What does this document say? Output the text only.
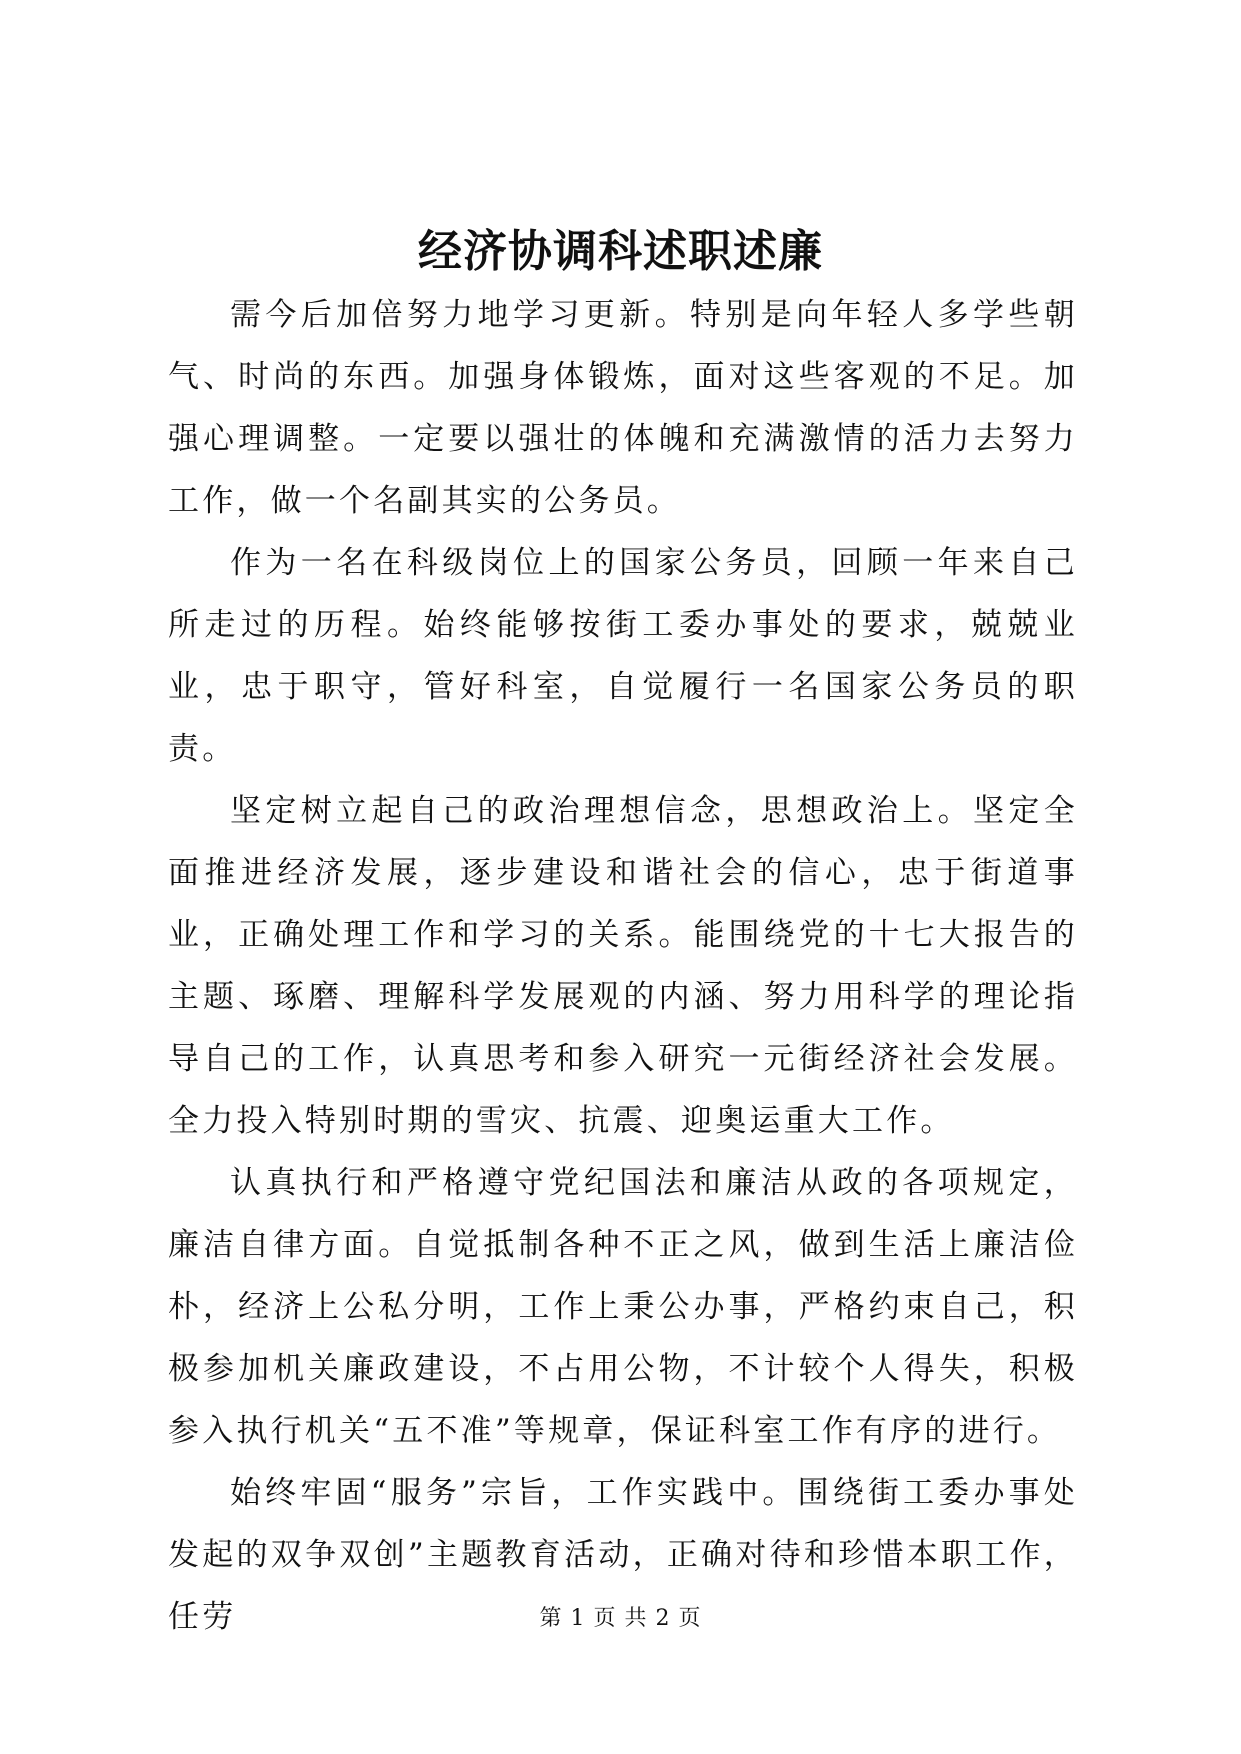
经济协调科述职述廉

需今后加倍努力地学习更新。特别是向年轻人多学些朝气、时尚的东西。加强身体锻炼，面对这些客观的不足。加强心理调整。一定要以强壮的体魄和充满激情的活力去努力工作，做一个名副其实的公务员。

作为一名在科级岗位上的国家公务员，回顾一年来自己所走过的历程。始终能够按街工委办事处的要求，兢兢业业，忠于职守，管好科室，自觉履行一名国家公务员的职责。

坚定树立起自己的政治理想信念，思想政治上。坚定全面推进经济发展，逐步建设和谐社会的信心，忠于街道事业，正确处理工作和学习的关系。能围绕党的十七大报告的主题、琢磨、理解科学发展观的内涵、努力用科学的理论指导自己的工作，认真思考和参入研究一元街经济社会发展。全力投入特别时期的雪灾、抗震、迎奥运重大工作。

认真执行和严格遵守党纪国法和廉洁从政的各项规定，廉洁自律方面。自觉抵制各种不正之风，做到生活上廉洁俭朴，经济上公私分明，工作上秉公办事，严格约束自己，积极参加机关廉政建设，不占用公物，不计较个人得失，积极参入执行机关“五不准”等规章，保证科室工作有序的进行。

始终牢固“服务”宗旨，工作实践中。围绕街工委办事处发起的双争双创”主题教育活动，正确对待和珍惜本职工作，任劳	第 1 页 共 2 页
